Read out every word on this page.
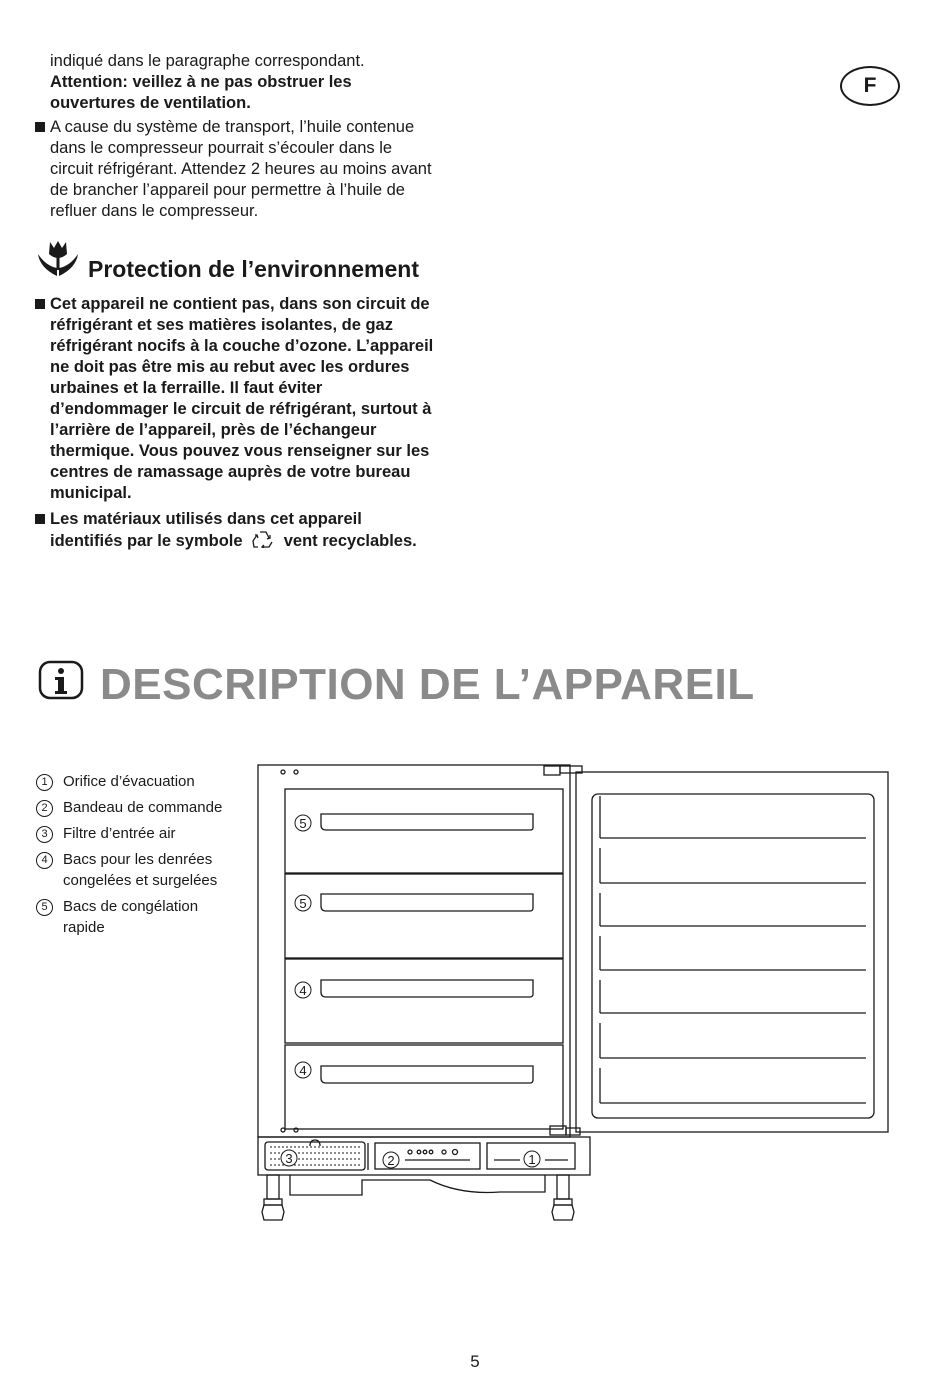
F
indiqué dans le paragraphe correspondant.
Attention: veillez à ne pas obstruer les
ouvertures de ventilation.
A cause du système de transport, l’huile contenue
dans le compresseur pourrait s’écouler dans le
circuit réfrigérant. Attendez 2 heures au moins avant
de brancher l’appareil pour permettre à l’huile de
refluer dans le compresseur.
Protection de l’environnement
Cet appareil ne contient pas, dans son circuit de
réfrigérant et ses matières isolantes, de gaz
réfrigérant nocifs à la couche d’ozone. L’appareil
ne doit pas être mis au rebut avec les ordures
urbaines et la ferraille. Il faut éviter
d’endommager le circuit de réfrigérant, surtout à
l’arrière de l’appareil, près de l’échangeur
thermique. Vous pouvez vous renseigner sur les
centres de ramassage auprès de votre bureau
municipal.
Les matériaux utilisés dans cet appareil
identifiés par le symbole vent recyclables.
DESCRIPTION DE L’APPAREIL
1 Orifice d’évacuation
2 Bandeau de commande
3 Filtre d’entrée air
4 Bacs pour les denrées
congelées et surgelées
5 Bacs de congélation
rapide
5
5
4
4
3	2	1
5
